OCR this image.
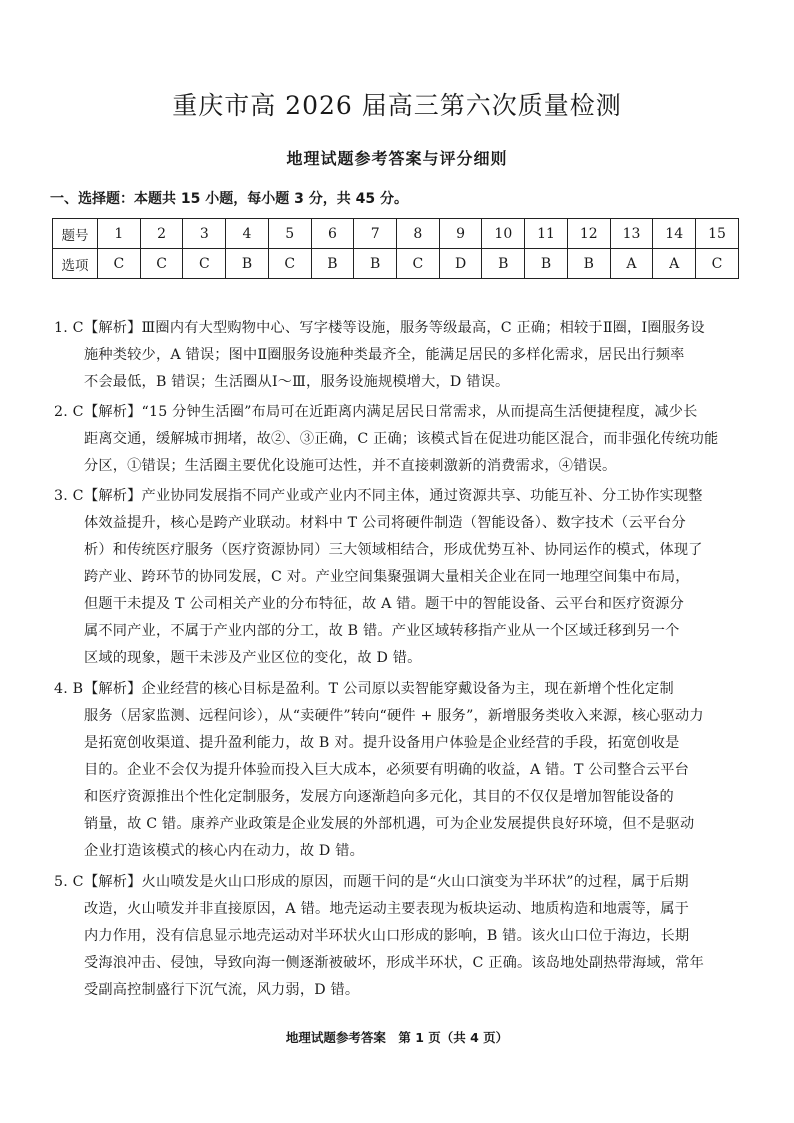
重庆市高 2026 届高三第六次质量检测
地理试题参考答案与评分细则
一、选择题：本题共 15 小题，每小题 3 分，共 45 分。
题号	1	2	3	4	5	6	7	8	9	10	11	12	13	14	15
选项	C	C	C	B	C	B	B	C	D	B	B	B	A	A	C
1. C【解析】Ⅲ圈内有大型购物中心、写字楼等设施，服务等级最高，C 正确；相较于Ⅱ圈，Ⅰ圈服务设
施种类较少，A 错误；图中Ⅱ圈服务设施种类最齐全，能满足居民的多样化需求，居民出行频率
不会最低，B 错误；生活圈从Ⅰ～Ⅲ，服务设施规模增大，D 错误。
2. C【解析】“15 分钟生活圈”布局可在近距离内满足居民日常需求，从而提高生活便捷程度，减少长
距离交通，缓解城市拥堵，故②、③正确，C 正确；该模式旨在促进功能区混合，而非强化传统功能
分区，①错误；生活圈主要优化设施可达性，并不直接刺激新的消费需求，④错误。
3. C【解析】产业协同发展指不同产业或产业内不同主体，通过资源共享、功能互补、分工协作实现整
体效益提升，核心是跨产业联动。材料中 T 公司将硬件制造（智能设备）、数字技术（云平台分
析）和传统医疗服务（医疗资源协同）三大领域相结合，形成优势互补、协同运作的模式，体现了
跨产业、跨环节的协同发展，C 对。产业空间集聚强调大量相关企业在同一地理空间集中布局，
但题干未提及 T 公司相关产业的分布特征，故 A 错。题干中的智能设备、云平台和医疗资源分
属不同产业，不属于产业内部的分工，故 B 错。产业区域转移指产业从一个区域迁移到另一个
区域的现象，题干未涉及产业区位的变化，故 D 错。
4. B【解析】企业经营的核心目标是盈利。T 公司原以卖智能穿戴设备为主，现在新增个性化定制
服务（居家监测、远程问诊），从“卖硬件”转向“硬件 + 服务”，新增服务类收入来源，核心驱动力
是拓宽创收渠道、提升盈利能力，故 B 对。提升设备用户体验是企业经营的手段，拓宽创收是
目的。企业不会仅为提升体验而投入巨大成本，必须要有明确的收益，A 错。T 公司整合云平台
和医疗资源推出个性化定制服务，发展方向逐渐趋向多元化，其目的不仅仅是增加智能设备的
销量，故 C 错。康养产业政策是企业发展的外部机遇，可为企业发展提供良好环境，但不是驱动
企业打造该模式的核心内在动力，故 D 错。
5. C【解析】火山喷发是火山口形成的原因，而题干问的是“火山口演变为半环状”的过程，属于后期
改造，火山喷发并非直接原因，A 错。地壳运动主要表现为板块运动、地质构造和地震等，属于
内力作用，没有信息显示地壳运动对半环状火山口形成的影响，B 错。该火山口位于海边，长期
受海浪冲击、侵蚀，导致向海一侧逐渐被破坏，形成半环状，C 正确。该岛地处副热带海域，常年
受副高控制盛行下沉气流，风力弱，D 错。
地理试题参考答案　第 1 页（共 4 页）
